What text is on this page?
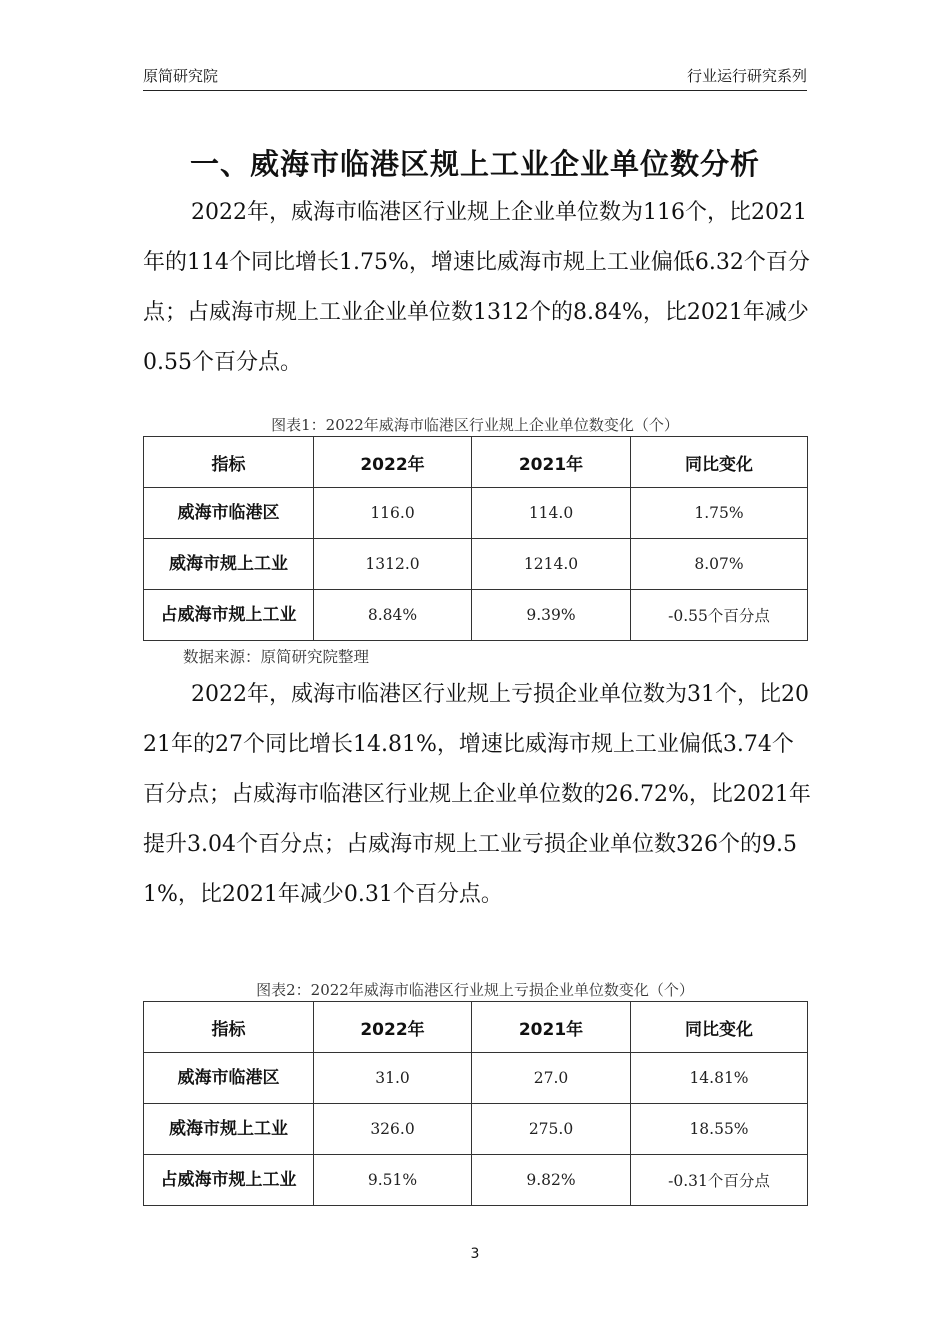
原简研究院	行业运行研究系列
一、威海市临港区规上工业企业单位数分析

2022年，威海市临港区行业规上企业单位数为116个，比2021年的114个同比增长1.75%，增速比威海市规上工业偏低6.32个百分点；占威海市规上工业企业单位数1312个的8.84%，比2021年减少0.55个百分点。

图表1：2022年威海市临港区行业规上企业单位数变化（个）
指标	2022年	2021年	同比变化
威海市临港区	116.0	114.0	1.75%
威海市规上工业	1312.0	1214.0	8.07%
占威海市规上工业	8.84%	9.39%	-0.55个百分点
数据来源：原简研究院整理

2022年，威海市临港区行业规上亏损企业单位数为31个，比2021年的27个同比增长14.81%，增速比威海市规上工业偏低3.74个百分点；占威海市临港区行业规上企业单位数的26.72%，比2021年提升3.04个百分点；占威海市规上工业亏损企业单位数326个的9.51%，比2021年减少0.31个百分点。

图表2：2022年威海市临港区行业规上亏损企业单位数变化（个）
指标	2022年	2021年	同比变化
威海市临港区	31.0	27.0	14.81%
威海市规上工业	326.0	275.0	18.55%
占威海市规上工业	9.51%	9.82%	-0.31个百分点
3
